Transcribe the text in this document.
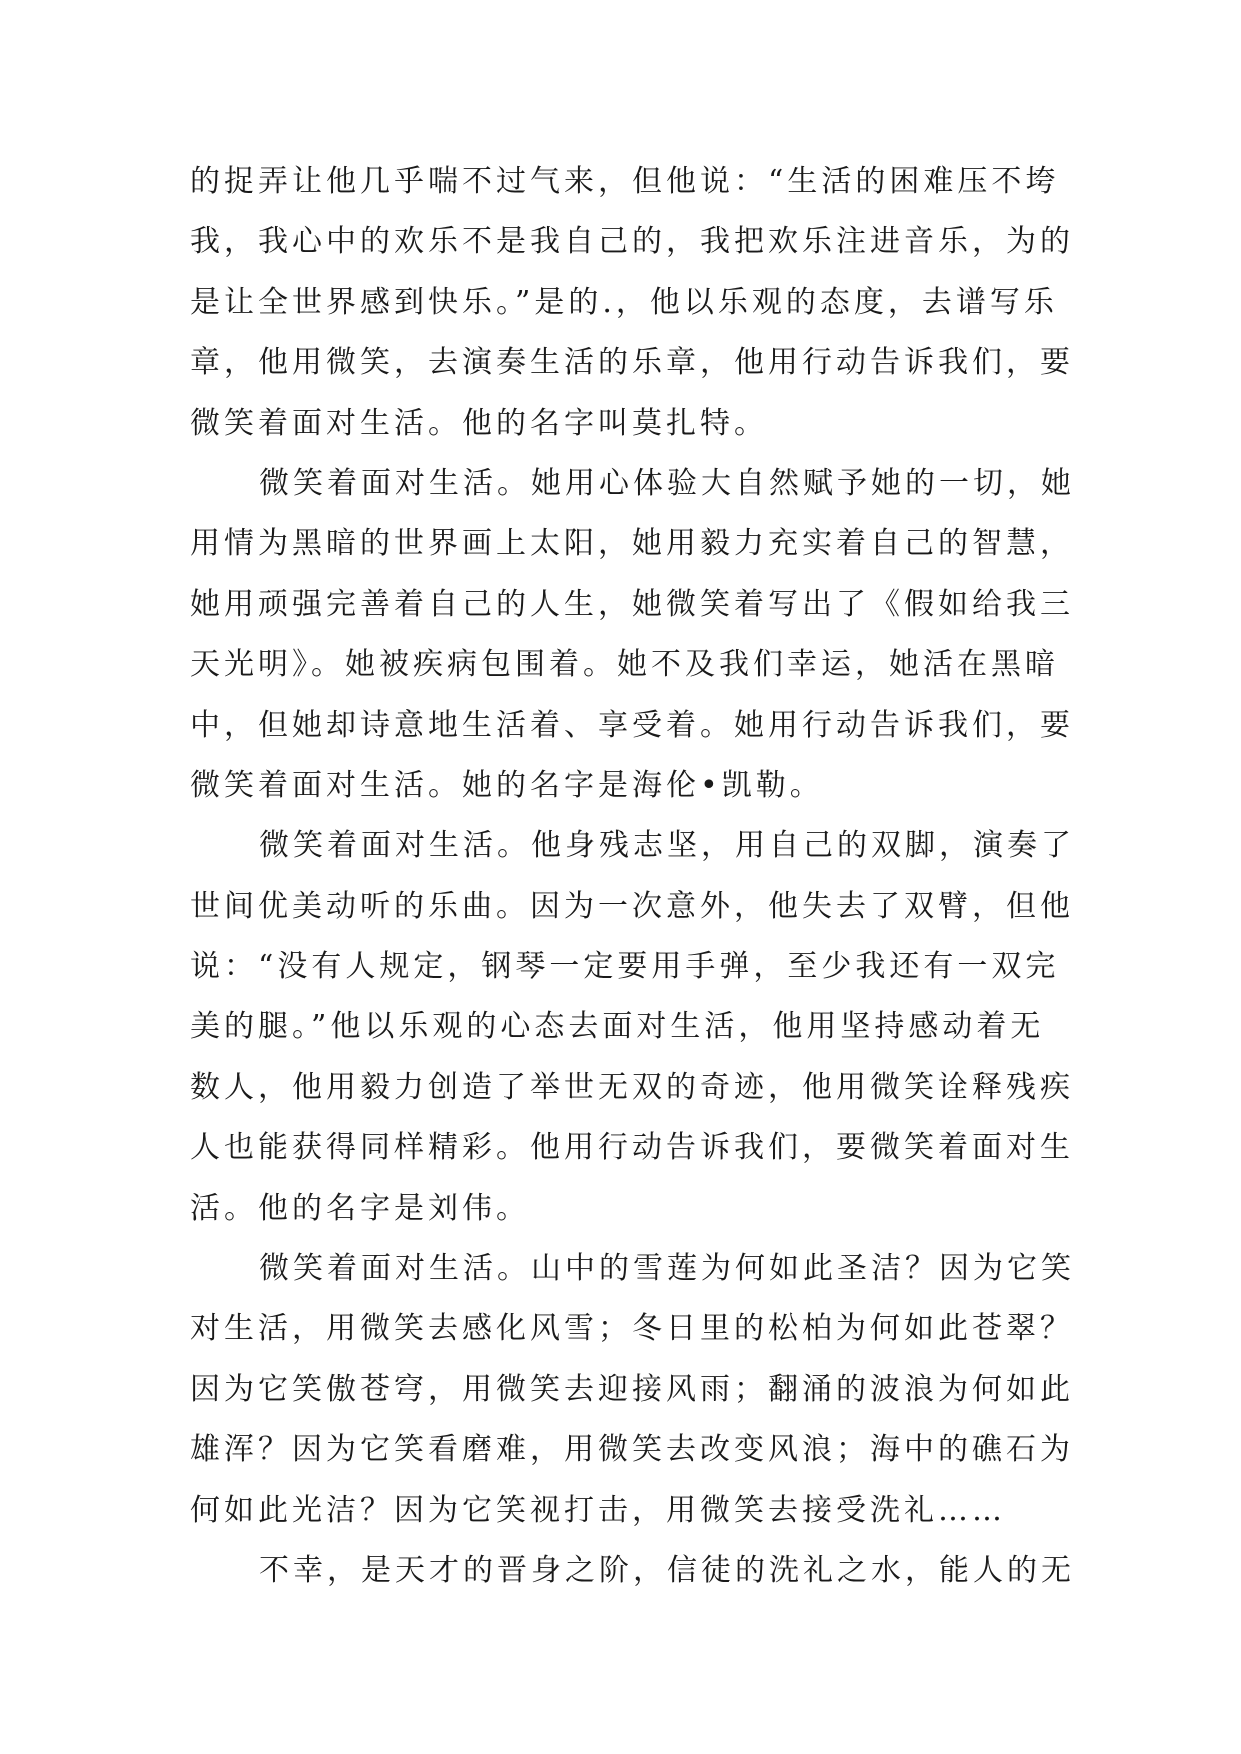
的捉弄让他几乎喘不过气来，但他说：“生活的困难压不垮
我，我心中的欢乐不是我自己的，我把欢乐注进音乐，为的
是让全世界感到快乐。”是的.，他以乐观的态度，去谱写乐
章，他用微笑，去演奏生活的乐章，他用行动告诉我们，要
微笑着面对生活。他的名字叫莫扎特。
微笑着面对生活。她用心体验大自然赋予她的一切，她
用情为黑暗的世界画上太阳，她用毅力充实着自己的智慧，
她用顽强完善着自己的人生，她微笑着写出了《假如给我三
天光明》。她被疾病包围着。她不及我们幸运，她活在黑暗
中，但她却诗意地生活着、享受着。她用行动告诉我们，要
微笑着面对生活。她的名字是海伦•凯勒。
微笑着面对生活。他身残志坚，用自己的双脚，演奏了
世间优美动听的乐曲。因为一次意外，他失去了双臂，但他
说：“没有人规定，钢琴一定要用手弹，至少我还有一双完
美的腿。”他以乐观的心态去面对生活，他用坚持感动着无
数人，他用毅力创造了举世无双的奇迹，他用微笑诠释残疾
人也能获得同样精彩。他用行动告诉我们，要微笑着面对生
活。他的名字是刘伟。
微笑着面对生活。山中的雪莲为何如此圣洁？因为它笑
对生活，用微笑去感化风雪；冬日里的松柏为何如此苍翠？
因为它笑傲苍穹，用微笑去迎接风雨；翻涌的波浪为何如此
雄浑？因为它笑看磨难，用微笑去改变风浪；海中的礁石为
何如此光洁？因为它笑视打击，用微笑去接受洗礼……
不幸，是天才的晋身之阶，信徒的洗礼之水，能人的无
